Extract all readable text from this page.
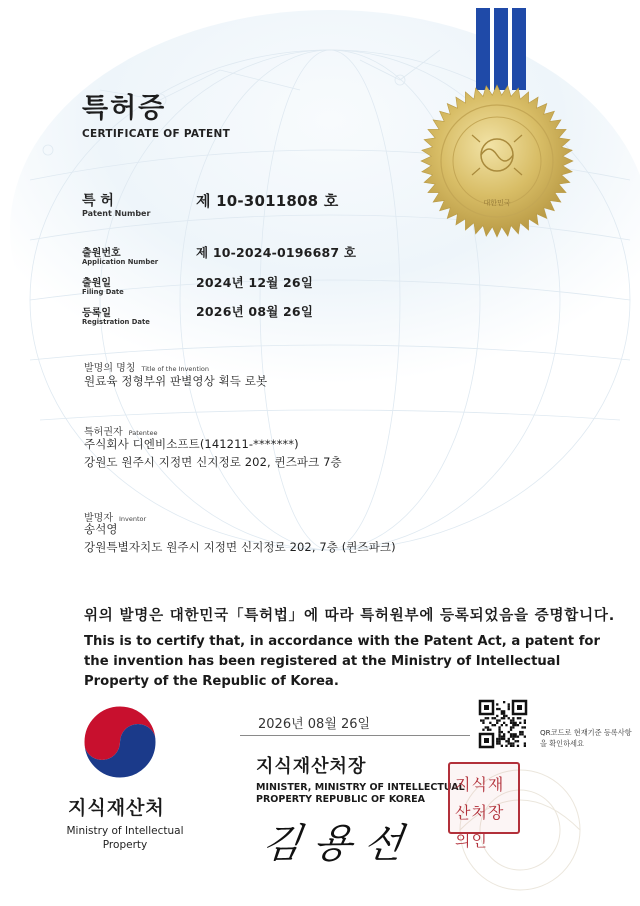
대한민국
특허증
CERTIFICATE OF PATENT
특 허
Patent Number
제 10-3011808 호
출원번호
Application Number
제 10-2024-0196687 호
출원일
Filing Date
2024년 12월 26일
등록일
Registration Date
2026년 08월 26일
발명의 명칭 Title of the Invention
원료육 정형부위 판별영상 획득 로봇
특허권자 Patentee
주식회사 디엔비소프트(141211-*******)
강원도 원주시 지정면 신지정로 202, 퀸즈파크 7층
발명자 Inventor
송석영
강원특별자치도 원주시 지정면 신지정로 202, 7층 (퀸즈파크)
위의 발명은 대한민국「특허법」에 따라 특허원부에 등록되었음을 증명합니다.
This is to certify that, in accordance with the Patent Act, a patent for the invention has been registered at the Ministry of Intellectual Property of the Republic of Korea.
2026년 08월 26일
QR코드로 현재기준 등록사항을 확인하세요
지식재산처
Ministry of Intellectual Property
지식재산처장
MINISTER, MINISTRY OF INTELLECTUAL PROPERTY REPUBLIC OF KOREA
김용선
지식재산처장의인
